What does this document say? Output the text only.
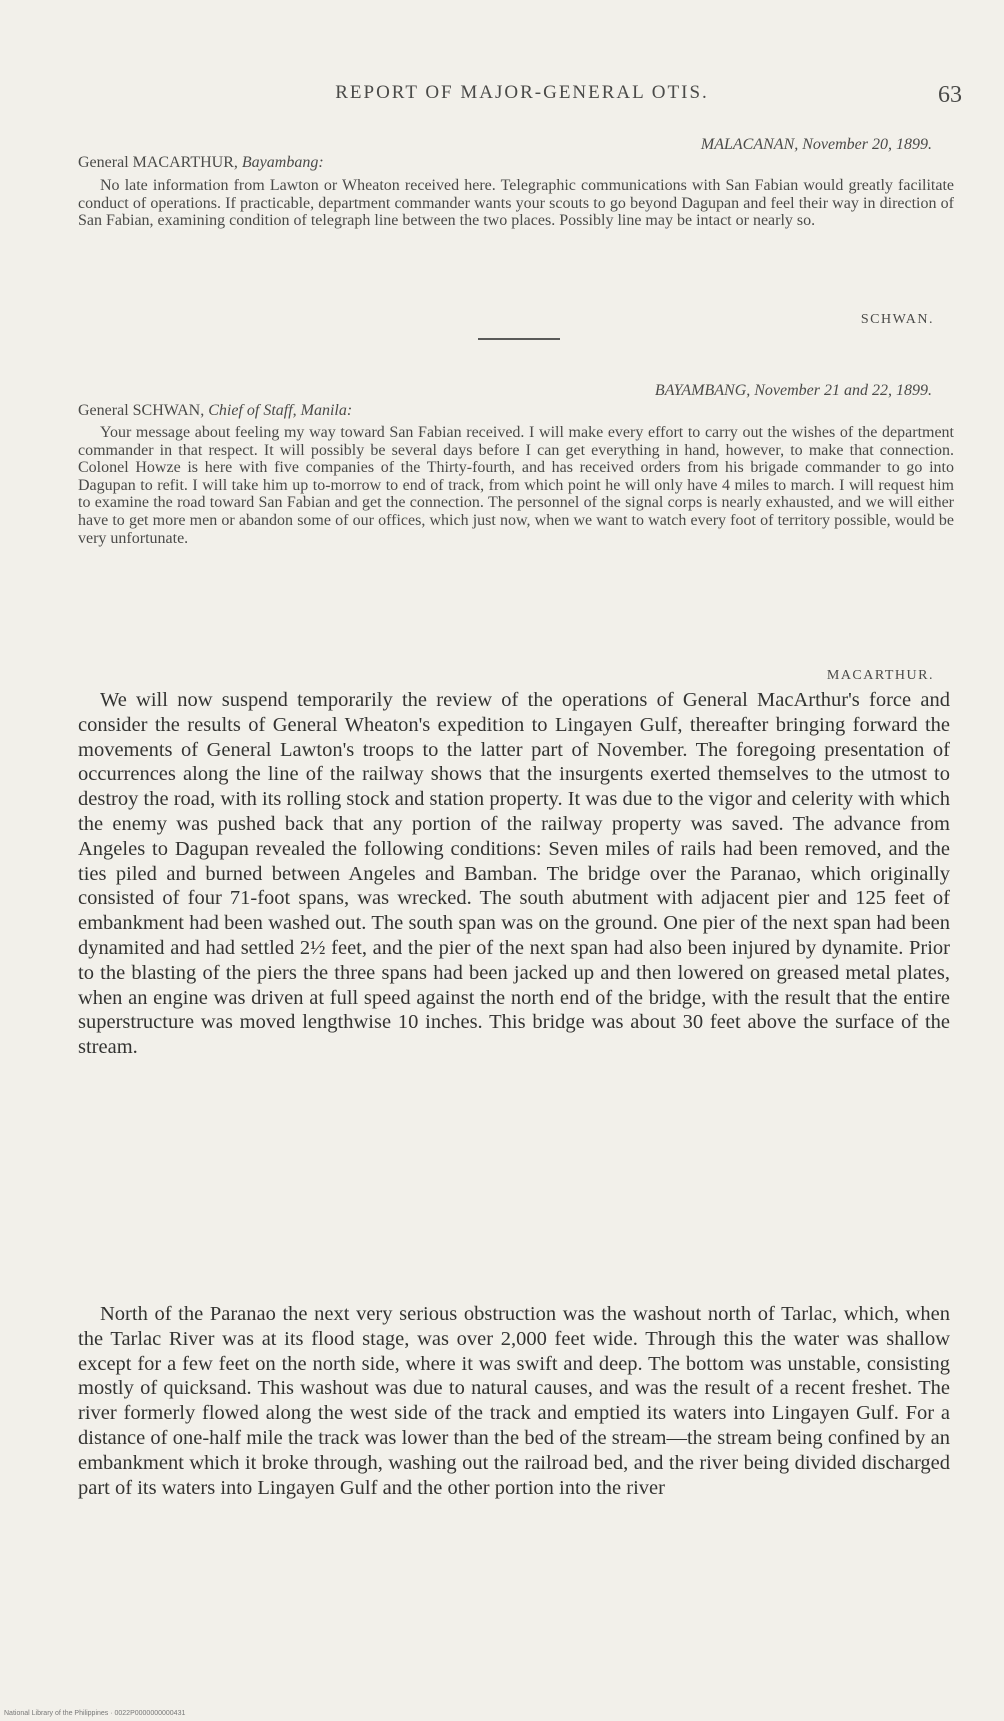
REPORT OF MAJOR-GENERAL OTIS.	63
MALACANAN, November 20, 1899.
General MACARTHUR, Bayambang:
No late information from Lawton or Wheaton received here. Telegraphic communications with San Fabian would greatly facilitate conduct of operations. If practicable, department commander wants your scouts to go beyond Dagupan and feel their way in direction of San Fabian, examining condition of telegraph line between the two places. Possibly line may be intact or nearly so.
SCHWAN.
BAYAMBANG, November 21 and 22, 1899.
General SCHWAN, Chief of Staff, Manila:
Your message about feeling my way toward San Fabian received. I will make every effort to carry out the wishes of the department commander in that respect. It will possibly be several days before I can get everything in hand, however, to make that connection. Colonel Howze is here with five companies of the Thirty-fourth, and has received orders from his brigade commander to go into Dagupan to refit. I will take him up to-morrow to end of track, from which point he will only have 4 miles to march. I will request him to examine the road toward San Fabian and get the connection. The personnel of the signal corps is nearly exhausted, and we will either have to get more men or abandon some of our offices, which just now, when we want to watch every foot of territory possible, would be very unfortunate.
MACARTHUR.
We will now suspend temporarily the review of the operations of General MacArthur's force and consider the results of General Wheaton's expedition to Lingayen Gulf, thereafter bringing forward the movements of General Lawton's troops to the latter part of November. The foregoing presentation of occurrences along the line of the railway shows that the insurgents exerted themselves to the utmost to destroy the road, with its rolling stock and station property. It was due to the vigor and celerity with which the enemy was pushed back that any portion of the railway property was saved. The advance from Angeles to Dagupan revealed the following conditions: Seven miles of rails had been removed, and the ties piled and burned between Angeles and Bamban. The bridge over the Paranao, which originally consisted of four 71-foot spans, was wrecked. The south abutment with adjacent pier and 125 feet of embankment had been washed out. The south span was on the ground. One pier of the next span had been dynamited and had settled 2½ feet, and the pier of the next span had also been injured by dynamite. Prior to the blasting of the piers the three spans had been jacked up and then lowered on greased metal plates, when an engine was driven at full speed against the north end of the bridge, with the result that the entire superstructure was moved lengthwise 10 inches. This bridge was about 30 feet above the surface of the stream.
North of the Paranao the next very serious obstruction was the washout north of Tarlac, which, when the Tarlac River was at its flood stage, was over 2,000 feet wide. Through this the water was shallow except for a few feet on the north side, where it was swift and deep. The bottom was unstable, consisting mostly of quicksand. This washout was due to natural causes, and was the result of a recent freshet. The river formerly flowed along the west side of the track and emptied its waters into Lingayen Gulf. For a distance of one-half mile the track was lower than the bed of the stream—the stream being confined by an embankment which it broke through, washing out the railroad bed, and the river being divided discharged part of its waters into Lingayen Gulf and the other portion into the river
National Library of the Philippines · 0022P0000000000431
